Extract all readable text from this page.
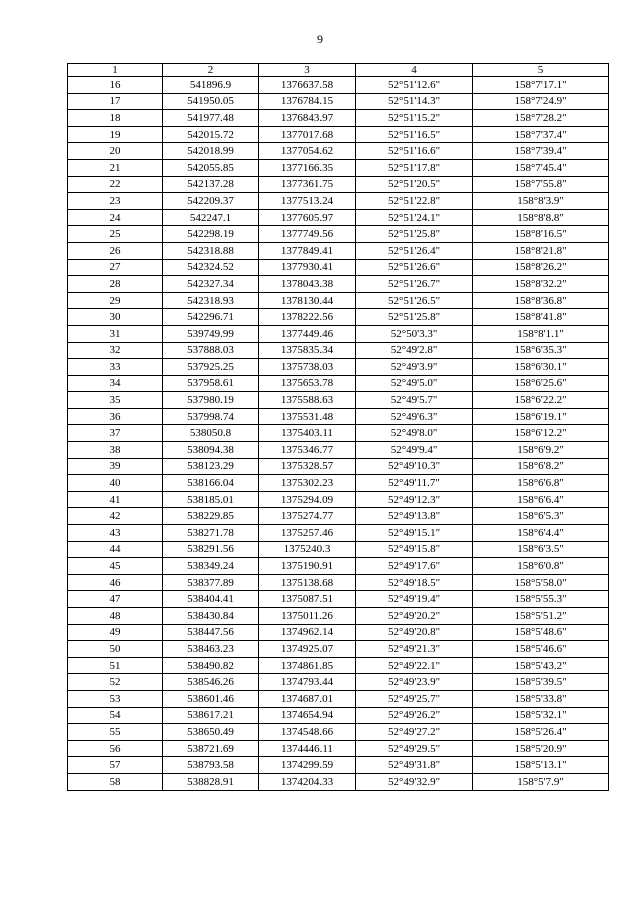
9
1	2	3	4	5
16	541896.9	1376637.58	52°51'12.6"	158°7'17.1"
17	541950.05	1376784.15	52°51'14.3"	158°7'24.9"
18	541977.48	1376843.97	52°51'15.2"	158°7'28.2"
19	542015.72	1377017.68	52°51'16.5"	158°7'37.4"
20	542018.99	1377054.62	52°51'16.6"	158°7'39.4"
21	542055.85	1377166.35	52°51'17.8"	158°7'45.4"
22	542137.28	1377361.75	52°51'20.5"	158°7'55.8"
23	542209.37	1377513.24	52°51'22.8"	158°8'3.9"
24	542247.1	1377605.97	52°51'24.1"	158°8'8.8"
25	542298.19	1377749.56	52°51'25.8"	158°8'16.5"
26	542318.88	1377849.41	52°51'26.4"	158°8'21.8"
27	542324.52	1377930.41	52°51'26.6"	158°8'26.2"
28	542327.34	1378043.38	52°51'26.7"	158°8'32.2"
29	542318.93	1378130.44	52°51'26.5"	158°8'36.8"
30	542296.71	1378222.56	52°51'25.8"	158°8'41.8"
31	539749.99	1377449.46	52°50'3.3"	158°8'1.1"
32	537888.03	1375835.34	52°49'2.8"	158°6'35.3"
33	537925.25	1375738.03	52°49'3.9"	158°6'30.1"
34	537958.61	1375653.78	52°49'5.0"	158°6'25.6"
35	537980.19	1375588.63	52°49'5.7"	158°6'22.2"
36	537998.74	1375531.48	52°49'6.3"	158°6'19.1"
37	538050.8	1375403.11	52°49'8.0"	158°6'12.2"
38	538094.38	1375346.77	52°49'9.4"	158°6'9.2"
39	538123.29	1375328.57	52°49'10.3"	158°6'8.2"
40	538166.04	1375302.23	52°49'11.7"	158°6'6.8"
41	538185.01	1375294.09	52°49'12.3"	158°6'6.4"
42	538229.85	1375274.77	52°49'13.8"	158°6'5.3"
43	538271.78	1375257.46	52°49'15.1"	158°6'4.4"
44	538291.56	1375240.3	52°49'15.8"	158°6'3.5"
45	538349.24	1375190.91	52°49'17.6"	158°6'0.8"
46	538377.89	1375138.68	52°49'18.5"	158°5'58.0"
47	538404.41	1375087.51	52°49'19.4"	158°5'55.3"
48	538430.84	1375011.26	52°49'20.2"	158°5'51.2"
49	538447.56	1374962.14	52°49'20.8"	158°5'48.6"
50	538463.23	1374925.07	52°49'21.3"	158°5'46.6"
51	538490.82	1374861.85	52°49'22.1"	158°5'43.2"
52	538546.26	1374793.44	52°49'23.9"	158°5'39.5"
53	538601.46	1374687.01	52°49'25.7"	158°5'33.8"
54	538617.21	1374654.94	52°49'26.2"	158°5'32.1"
55	538650.49	1374548.66	52°49'27.2"	158°5'26.4"
56	538721.69	1374446.11	52°49'29.5"	158°5'20.9"
57	538793.58	1374299.59	52°49'31.8"	158°5'13.1"
58	538828.91	1374204.33	52°49'32.9"	158°5'7.9"
